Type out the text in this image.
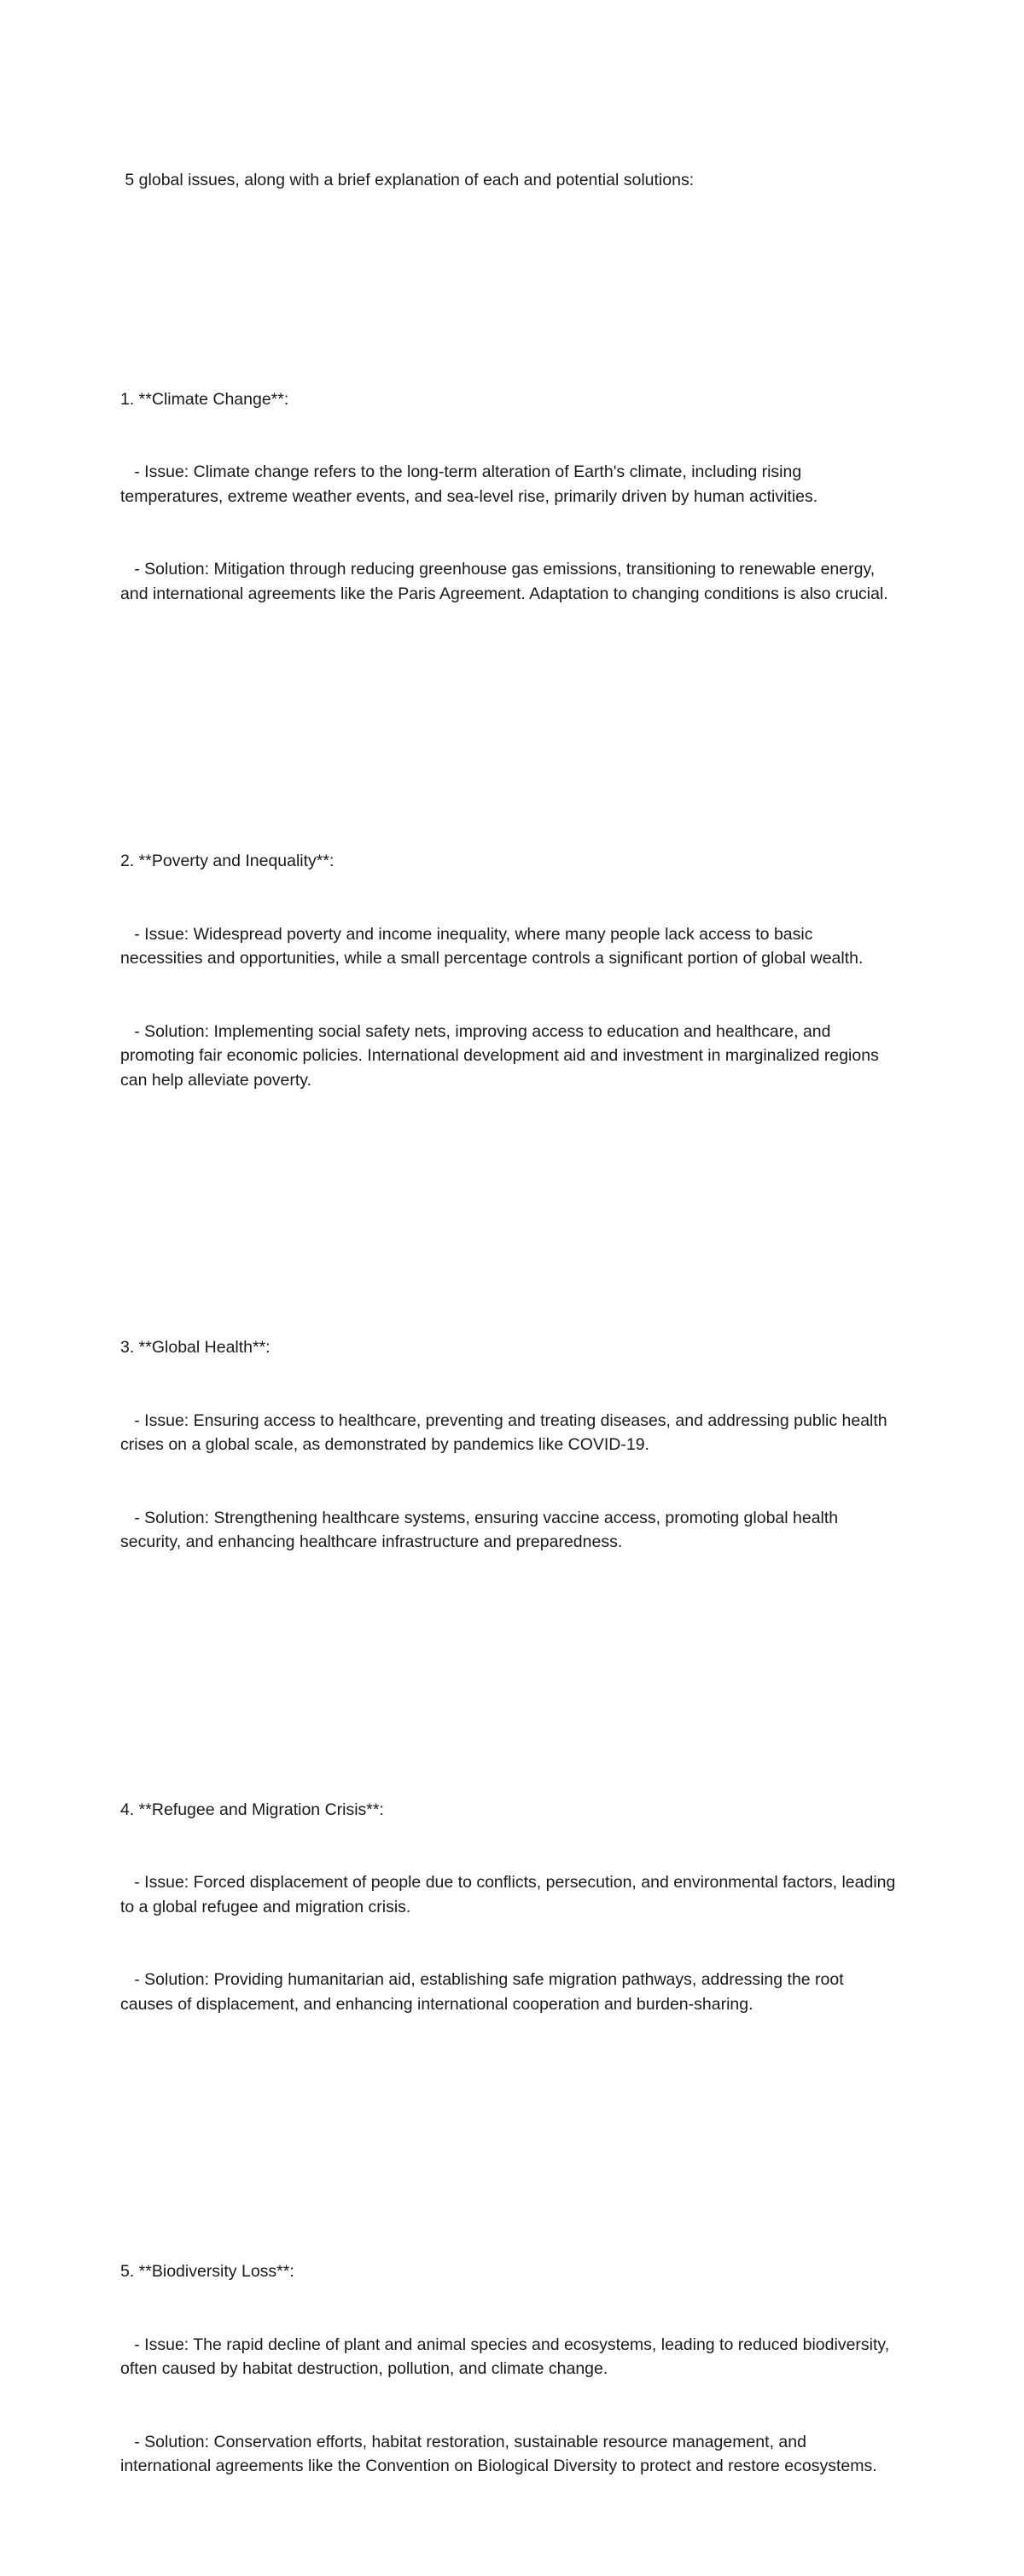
5 global issues, along with a brief explanation of each and potential solutions:

1. **Climate Change**:

- Issue: Climate change refers to the long-term alteration of Earth's climate, including rising temperatures, extreme weather events, and sea-level rise, primarily driven by human activities.

- Solution: Mitigation through reducing greenhouse gas emissions, transitioning to renewable energy, and international agreements like the Paris Agreement. Adaptation to changing conditions is also crucial.

2. **Poverty and Inequality**:

- Issue: Widespread poverty and income inequality, where many people lack access to basic necessities and opportunities, while a small percentage controls a significant portion of global wealth.

- Solution: Implementing social safety nets, improving access to education and healthcare, and promoting fair economic policies. International development aid and investment in marginalized regions can help alleviate poverty.

3. **Global Health**:

- Issue: Ensuring access to healthcare, preventing and treating diseases, and addressing public health crises on a global scale, as demonstrated by pandemics like COVID-19.

- Solution: Strengthening healthcare systems, ensuring vaccine access, promoting global health security, and enhancing healthcare infrastructure and preparedness.

4. **Refugee and Migration Crisis**:

- Issue: Forced displacement of people due to conflicts, persecution, and environmental factors, leading to a global refugee and migration crisis.

- Solution: Providing humanitarian aid, establishing safe migration pathways, addressing the root causes of displacement, and enhancing international cooperation and burden-sharing.

5. **Biodiversity Loss**:

- Issue: The rapid decline of plant and animal species and ecosystems, leading to reduced biodiversity, often caused by habitat destruction, pollution, and climate change.

- Solution: Conservation efforts, habitat restoration, sustainable resource management, and international agreements like the Convention on Biological Diversity to protect and restore ecosystems.
